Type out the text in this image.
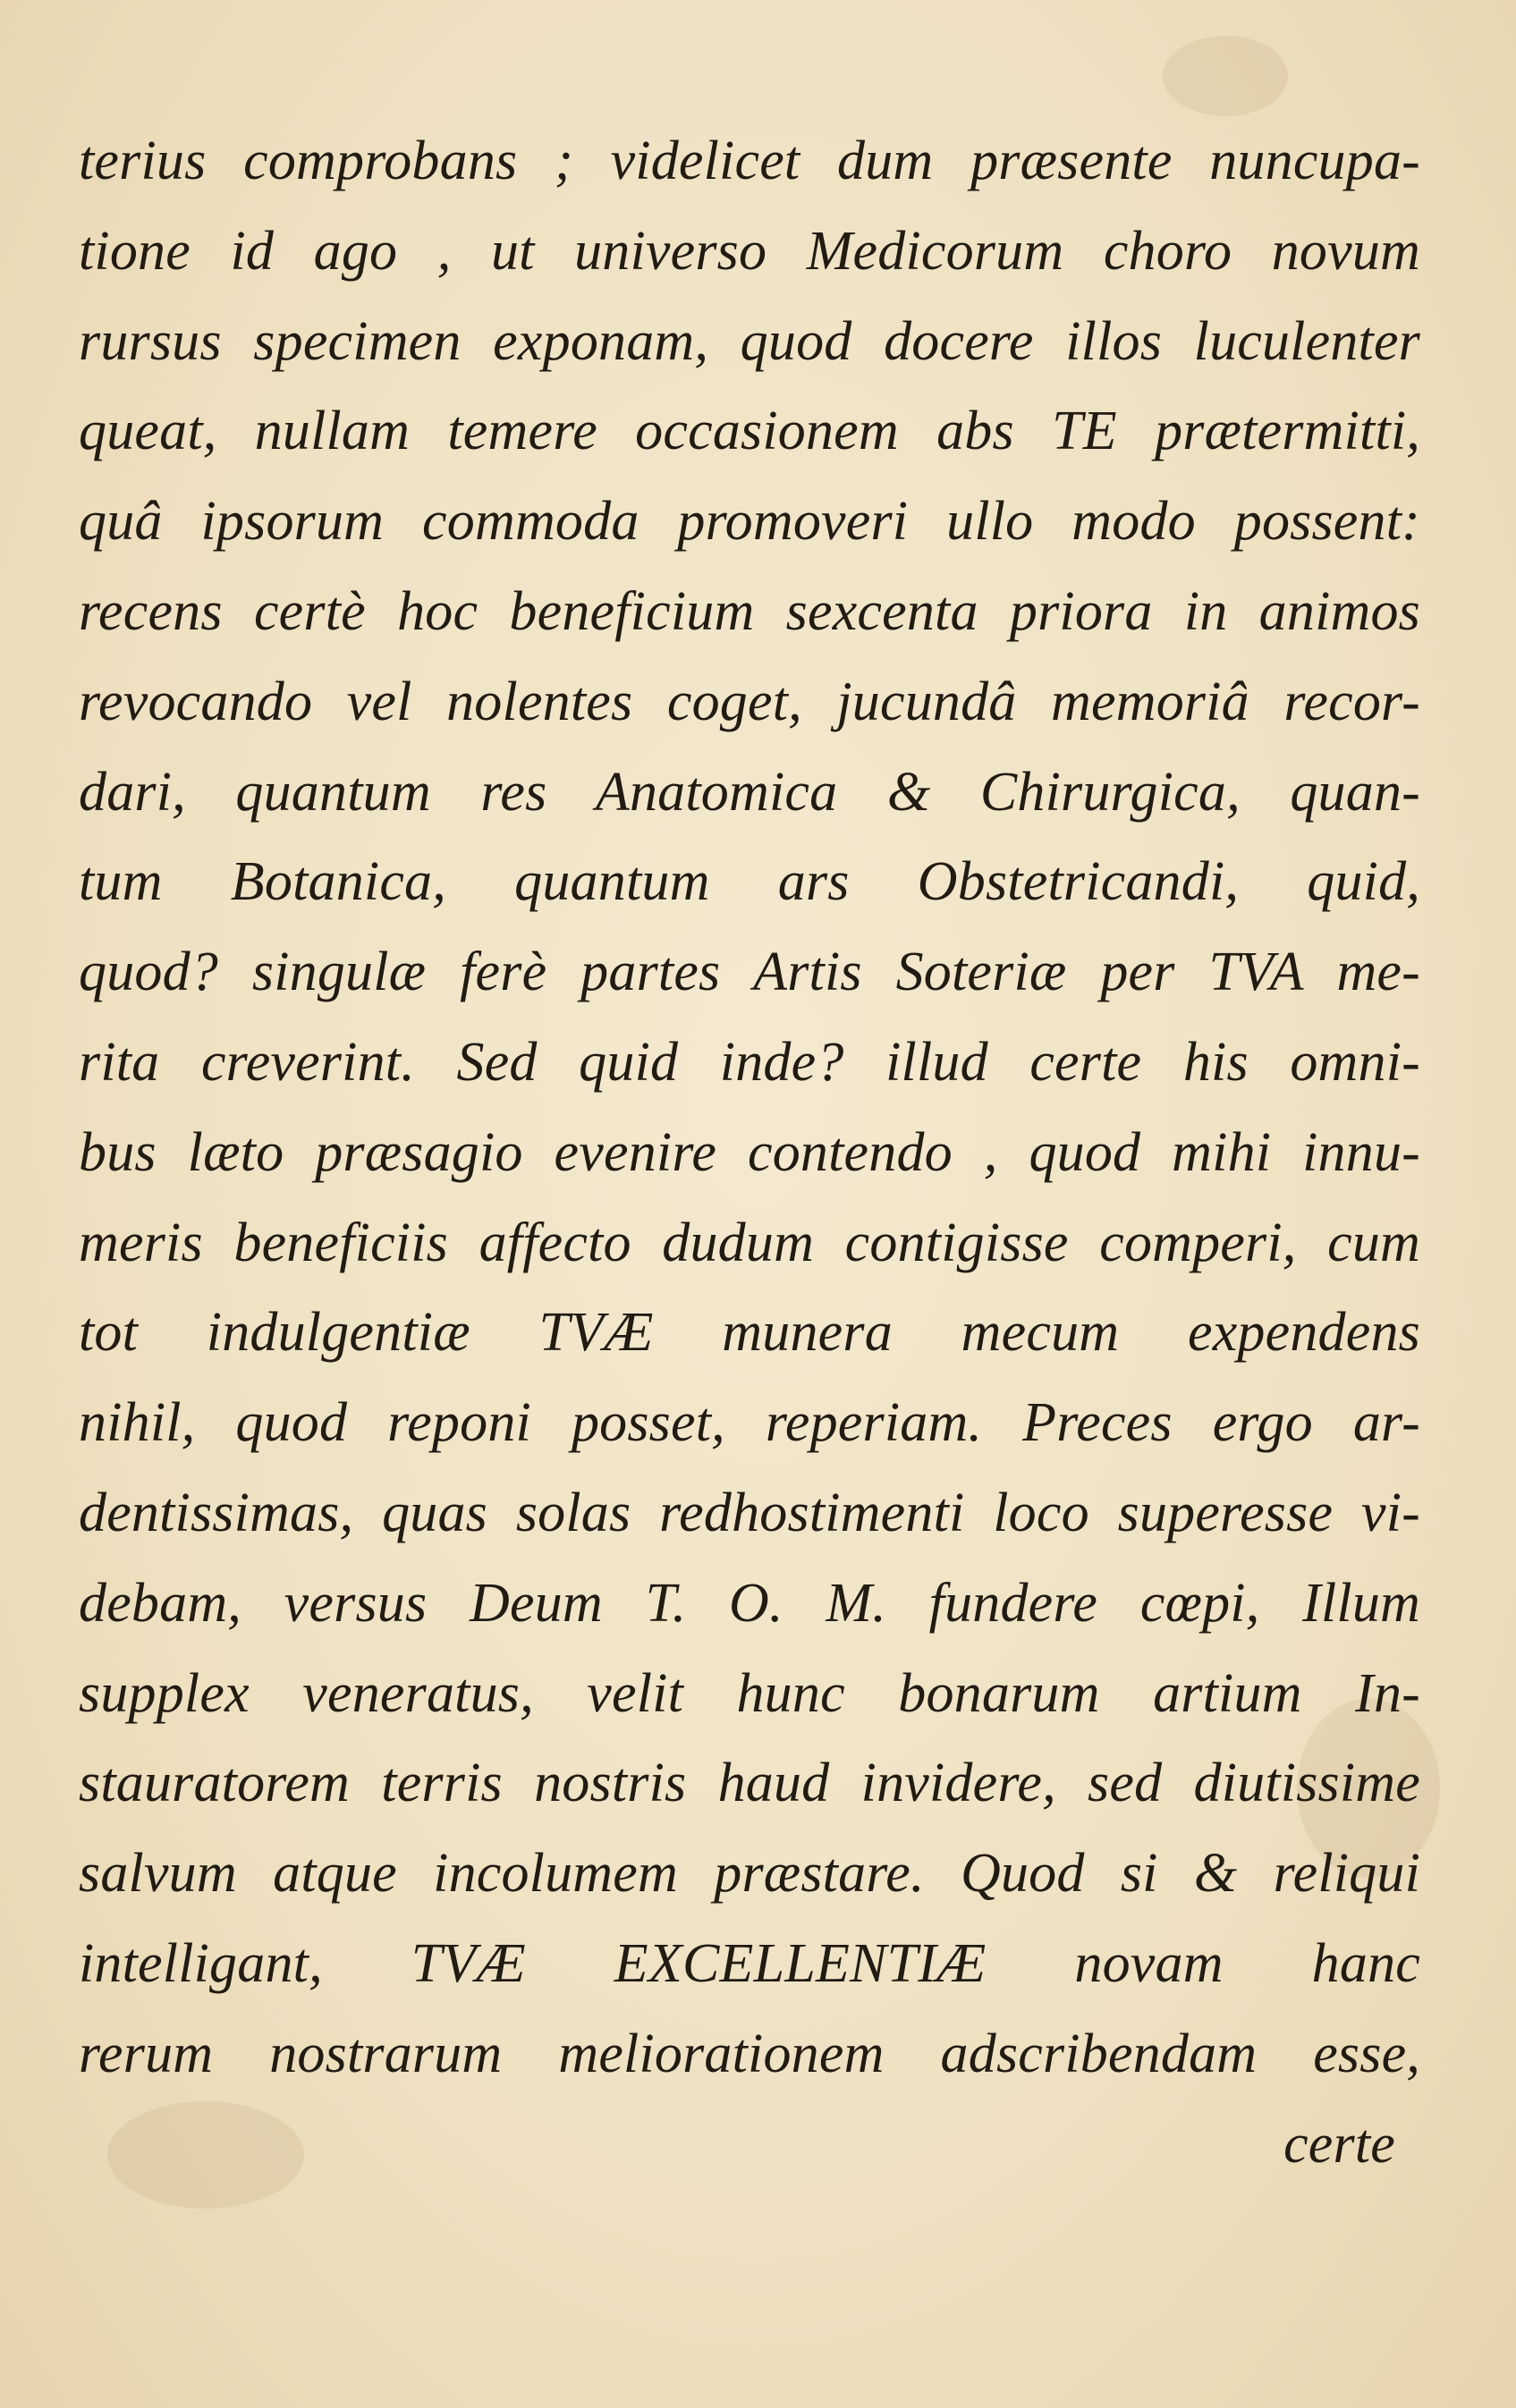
terius comprobans ; videlicet dum præsente nuncupa-
tione id ago , ut universo Medicorum choro novum
rursus specimen exponam, quod docere illos luculenter
queat, nullam temere occasionem abs TE prætermitti,
quâ ipsorum commoda promoveri ullo modo possent:
recens certè hoc beneficium sexcenta priora in animos
revocando vel nolentes coget, jucundâ memoriâ recor-
dari, quantum res Anatomica & Chirurgica, quan-
tum Botanica, quantum ars Obstetricandi, quid,
quod? singulæ ferè partes Artis Soteriæ per TVA me-
rita creverint. Sed quid inde? illud certe his omni-
bus læto præsagio evenire contendo , quod mihi innu-
meris beneficiis affecto dudum contigisse comperi, cum
tot indulgentiæ TVÆ munera mecum expendens
nihil, quod reponi posset, reperiam. Preces ergo ar-
dentissimas, quas solas redhostimenti loco superesse vi-
debam, versus Deum T. O. M. fundere cœpi, Illum
supplex veneratus, velit hunc bonarum artium In-
stauratorem terris nostris haud invidere, sed diutissime
salvum atque incolumem præstare. Quod si & reliqui
intelligant, TVÆ EXCELLENTIÆ novam hanc
rerum nostrarum meliorationem adscribendam esse,
certe
